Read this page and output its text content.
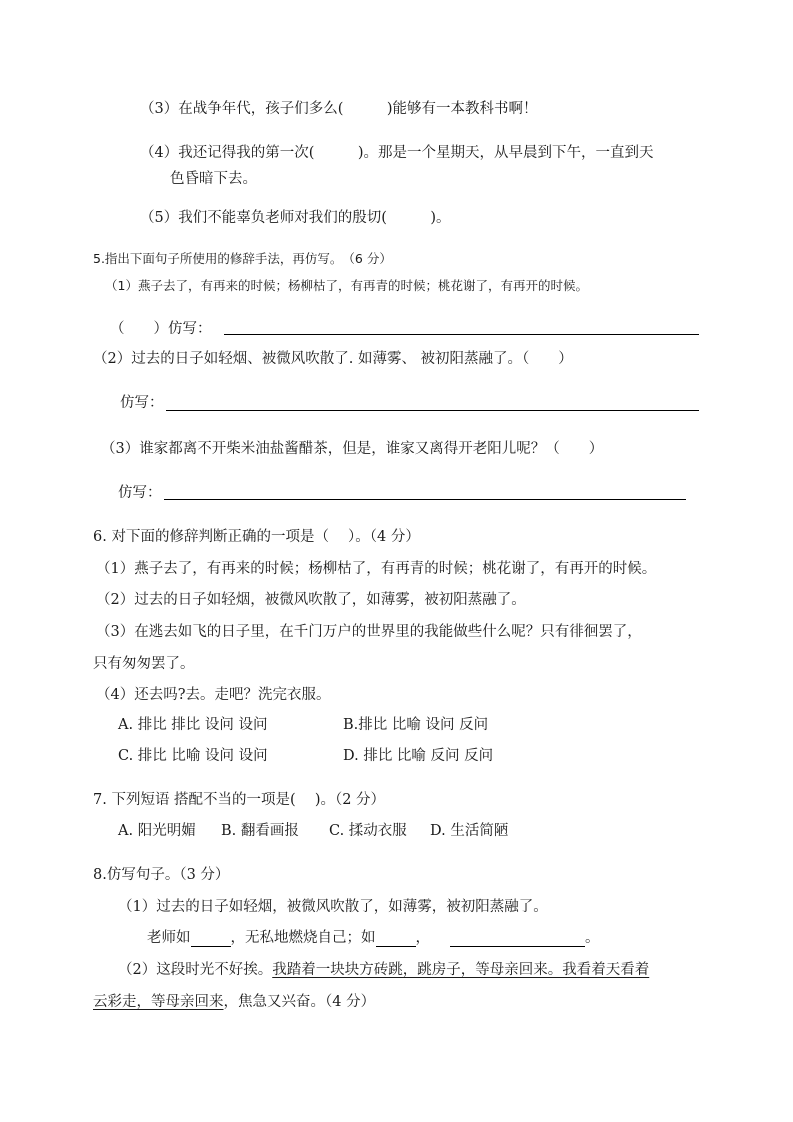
（3）在战争年代，孩子们多么(　　　)能够有一本教科书啊！
（4）我还记得我的第一次(　　　)。那是一个星期天，从早晨到下午，一直到天
色昏暗下去。
（5）我们不能辜负老师对我们的殷切(　　　)。
5.指出下面句子所使用的修辞手法，再仿写。　（6 分）
（1）燕子去了，有再来的时候；杨柳枯了，有再青的时候；桃花谢了，有再开的时候。
（　　）仿写：
（2）过去的日子如轻烟、被微风吹散了. 如薄雾、 被初阳蒸融了。（　　）
仿写：
（3）谁家都离不开柴米油盐酱醋茶，但是，谁家又离得开老阳儿呢？（　　）
仿写：
6. 对下面的修辞判断正确的一项是（　 ）。（4 分）
（1）燕子去了，有再来的时候；杨柳枯了，有再青的时候；桃花谢了，有再开的时候。
（2）过去的日子如轻烟，被微风吹散了，如薄雾，被初阳蒸融了。
（3）在逃去如飞的日子里，在千门万户的世界里的我能做些什么呢？只有徘徊罢了，
只有匆匆罢了。
（4）还去吗?去。走吧？洗完衣服。
A. 排比 排比 设问 设问	B.排比 比喻 设问 反问
C. 排比 比喻 设问 设问	D. 排比 比喻 反问 反问
7. 下列短语 搭配不当的一项是(　 )。（2 分）
A. 阳光明媚 B. 翻看画报 C. 揉动衣服 D. 生活简陋
8.仿写句子。（3 分）
（1）过去的日子如轻烟，被微风吹散了，如薄雾，被初阳蒸融了。
老师如	，无私地燃烧自己；如	，	。
（2）这段时光不好挨。我踏着一块块方砖跳，跳房子，等母亲回来。我看着天看着
云彩走，等母亲回来，焦急又兴奋。（4 分）
